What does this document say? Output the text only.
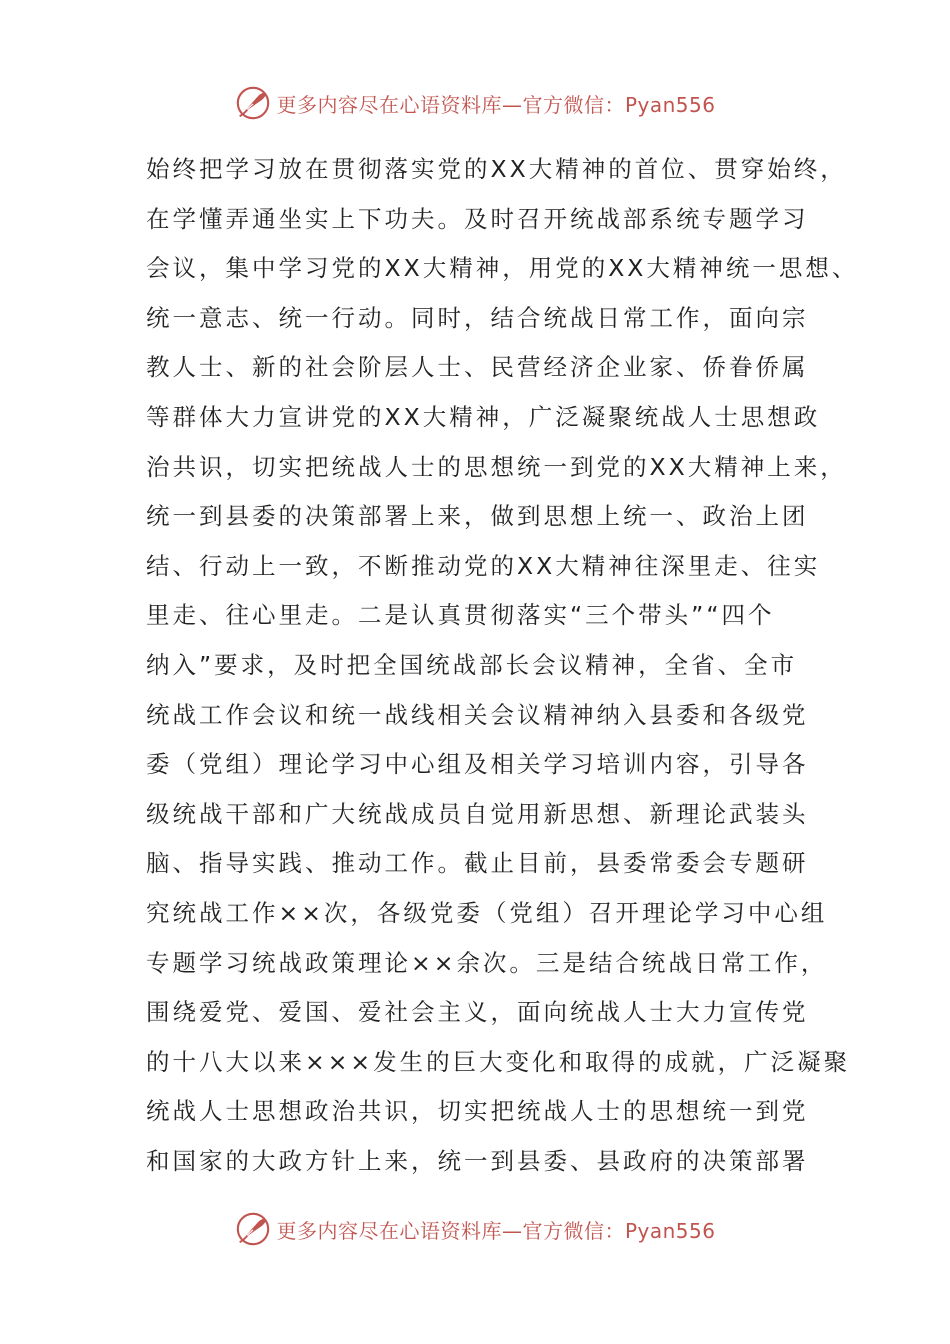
更多内容尽在心语资料库—官方微信：Pyan556
始终把学习放在贯彻落实党的XX大精神的首位、贯穿始终，
在学懂弄通坐实上下功夫。及时召开统战部系统专题学习
会议，集中学习党的XX大精神，用党的XX大精神统一思想、
统一意志、统一行动。同时，结合统战日常工作，面向宗
教人士、新的社会阶层人士、民营经济企业家、侨眷侨属
等群体大力宣讲党的XX大精神，广泛凝聚统战人士思想政
治共识，切实把统战人士的思想统一到党的XX大精神上来，
统一到县委的决策部署上来，做到思想上统一、政治上团
结、行动上一致，不断推动党的XX大精神往深里走、往实
里走、往心里走。二是认真贯彻落实“三个带头”“四个
纳入”要求，及时把全国统战部长会议精神，全省、全市
统战工作会议和统一战线相关会议精神纳入县委和各级党
委（党组）理论学习中心组及相关学习培训内容，引导各
级统战干部和广大统战成员自觉用新思想、新理论武装头
脑、指导实践、推动工作。截止目前，县委常委会专题研
究统战工作××次，各级党委（党组）召开理论学习中心组
专题学习统战政策理论××余次。三是结合统战日常工作，
围绕爱党、爱国、爱社会主义，面向统战人士大力宣传党
的十八大以来×××发生的巨大变化和取得的成就，广泛凝聚
统战人士思想政治共识，切实把统战人士的思想统一到党
和国家的大政方针上来，统一到县委、县政府的决策部署
更多内容尽在心语资料库—官方微信：Pyan556
